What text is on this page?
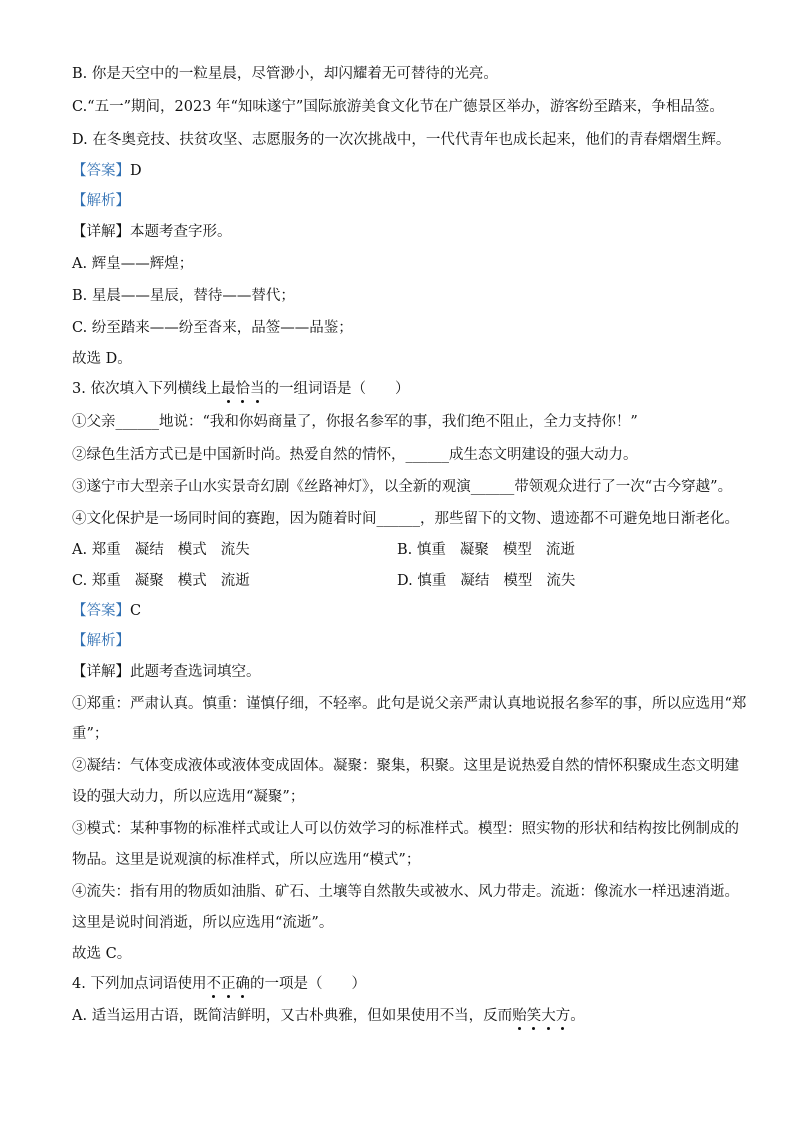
B. 你是天空中的一粒星晨，尽管渺小，却闪耀着无可替待的光亮。
C.“五一”期间，2023 年“知味遂宁”国际旅游美食文化节在广德景区举办，游客纷至踏来，争相品签。
D. 在冬奥竞技、扶贫攻坚、志愿服务的一次次挑战中，一代代青年也成长起来，他们的青春熠熠生辉。
【答案】D
【解析】
【详解】本题考查字形。
A. 辉皇——辉煌；
B. 星晨——星辰，替待——替代；
C. 纷至踏来——纷至沓来，品签——品鉴；
故选 D。
3. 依次填入下列横线上最恰当的一组词语是（　　）
①父亲______地说：“我和你妈商量了，你报名参军的事，我们绝不阻止，全力支持你！”
②绿色生活方式已是中国新时尚。热爱自然的情怀，______成生态文明建设的强大动力。
③遂宁市大型亲子山水实景奇幻剧《丝路神灯》，以全新的观演______带领观众进行了一次“古今穿越”。
④文化保护是一场同时间的赛跑，因为随着时间______，那些留下的文物、遗迹都不可避免地日渐老化。
A. 郑重 凝结 模式 流失	B. 慎重 凝聚 模型 流逝
C. 郑重 凝聚 模式 流逝	D. 慎重 凝结 模型 流失
【答案】C
【解析】
【详解】此题考查选词填空。
①郑重：严肃认真。慎重：谨慎仔细，不轻率。此句是说父亲严肃认真地说报名参军的事，所以应选用“郑
重”；
②凝结：气体变成液体或液体变成固体。凝聚：聚集，积聚。这里是说热爱自然的情怀积聚成生态文明建
设的强大动力，所以应选用“凝聚”；
③模式：某种事物的标准样式或让人可以仿效学习的标准样式。模型：照实物的形状和结构按比例制成的
物品。这里是说观演的标准样式，所以应选用“模式”；
④流失：指有用的物质如油脂、矿石、土壤等自然散失或被水、风力带走。流逝：像流水一样迅速消逝。
这里是说时间消逝，所以应选用“流逝”。
故选 C。
4. 下列加点词语使用不正确的一项是（　　）
A. 适当运用古语，既简洁鲜明，又古朴典雅，但如果使用不当，反而贻笑大方。
